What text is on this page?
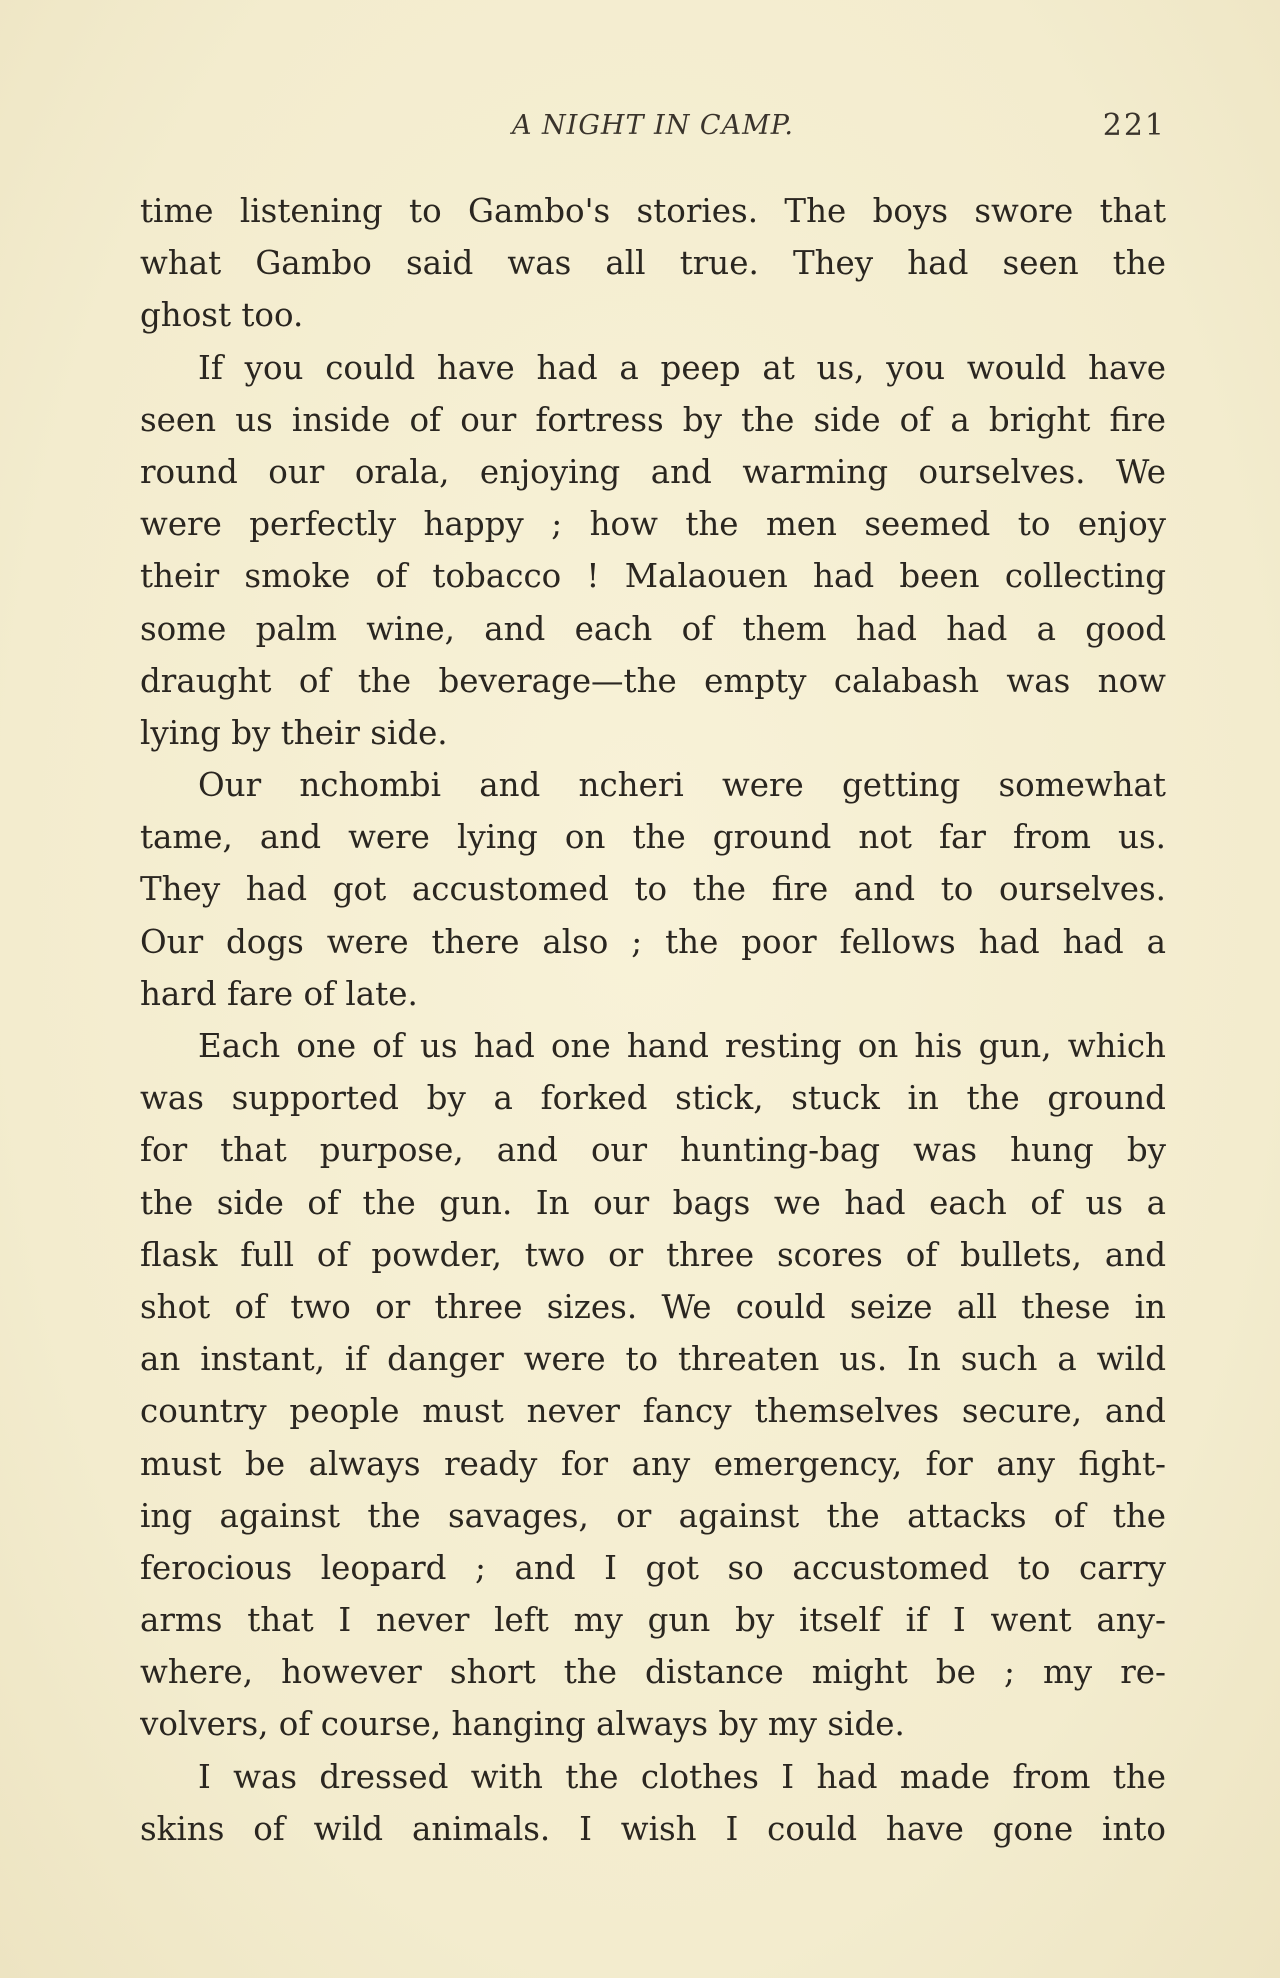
A NIGHT IN CAMP.	221
time listening to Gambo's stories. The boys swore that
what Gambo said was all true. They had seen the
ghost too.
If you could have had a peep at us, you would have
seen us inside of our fortress by the side of a bright fire
round our orala, enjoying and warming ourselves. We
were perfectly happy ; how the men seemed to enjoy
their smoke of tobacco ! Malaouen had been collecting
some palm wine, and each of them had had a good
draught of the beverage—the empty calabash was now
lying by their side.
Our nchombi and ncheri were getting somewhat
tame, and were lying on the ground not far from us.
They had got accustomed to the fire and to ourselves.
Our dogs were there also ; the poor fellows had had a
hard fare of late.
Each one of us had one hand resting on his gun, which
was supported by a forked stick, stuck in the ground
for that purpose, and our hunting-bag was hung by
the side of the gun. In our bags we had each of us a
flask full of powder, two or three scores of bullets, and
shot of two or three sizes. We could seize all these in
an instant, if danger were to threaten us. In such a wild
country people must never fancy themselves secure, and
must be always ready for any emergency, for any fight-
ing against the savages, or against the attacks of the
ferocious leopard ; and I got so accustomed to carry
arms that I never left my gun by itself if I went any-
where, however short the distance might be ; my re-
volvers, of course, hanging always by my side.
I was dressed with the clothes I had made from the
skins of wild animals. I wish I could have gone into
